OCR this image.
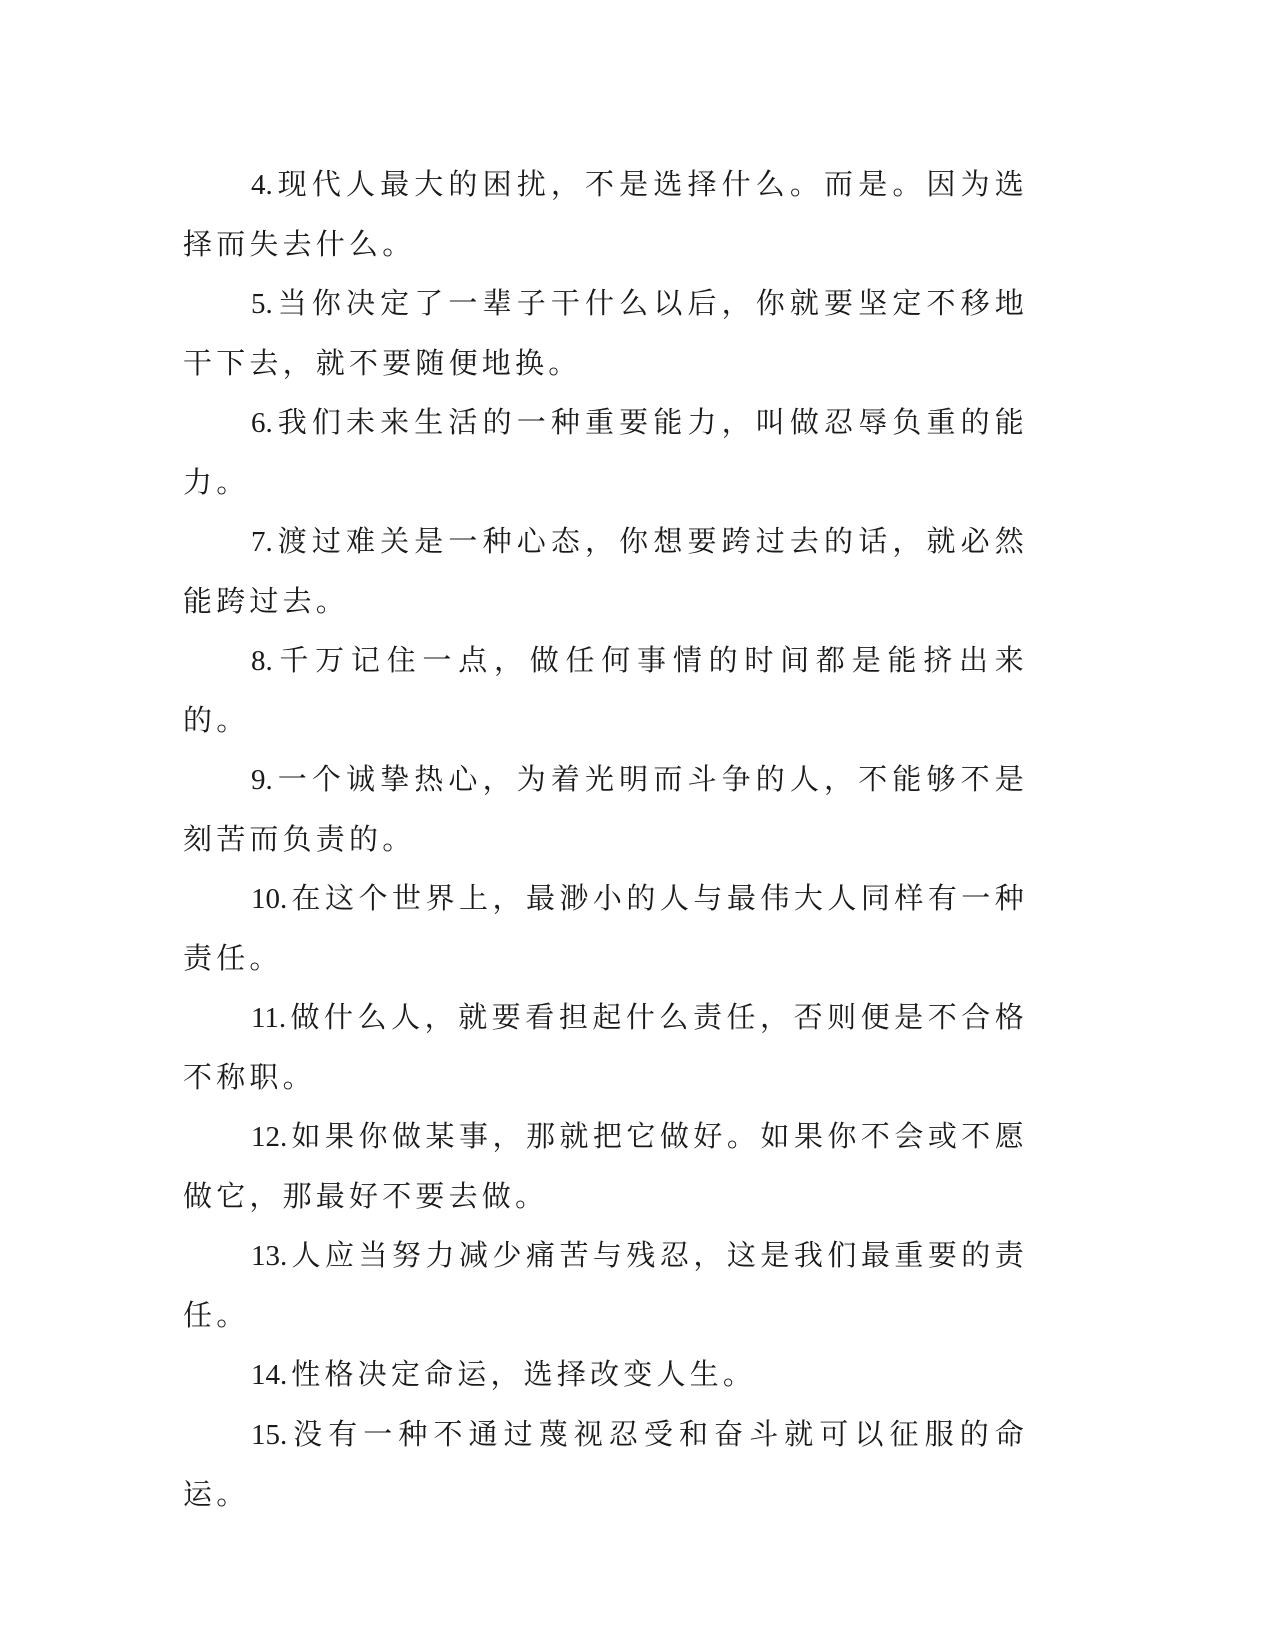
4. 现代人最大的困扰，不是选择什么。而是。因为选择而失去什么。

5. 当你决定了一辈子干什么以后，你就要坚定不移地干下去，就不要随便地换。

6. 我们未来生活的一种重要能力，叫做忍辱负重的能力。

7. 渡过难关是一种心态，你想要跨过去的话，就必然能跨过去。

8. 千万记住一点，做任何事情的时间都是能挤出来的。

9. 一个诚挚热心，为着光明而斗争的人，不能够不是刻苦而负责的。

10. 在这个世界上，最渺小的人与最伟大人同样有一种责任。

11. 做什么人，就要看担起什么责任，否则便是不合格不称职。

12. 如果你做某事，那就把它做好。如果你不会或不愿做它，那最好不要去做。

13. 人应当努力减少痛苦与残忍，这是我们最重要的责任。

14. 性格决定命运，选择改变人生。

15. 没有一种不通过蔑视忍受和奋斗就可以征服的命运。
